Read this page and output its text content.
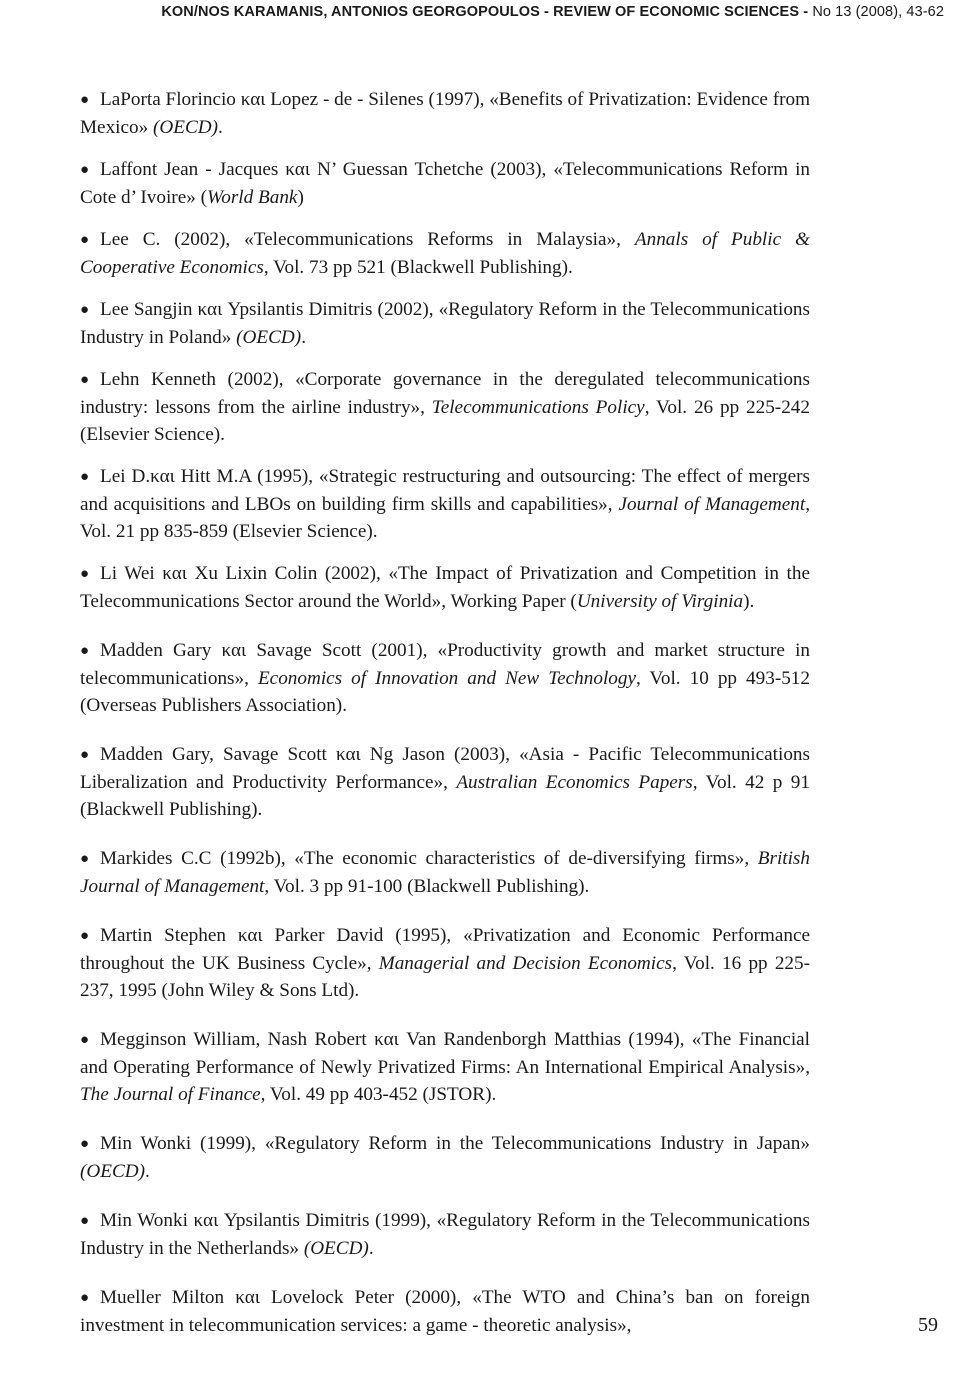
KON/NOS KARAMANIS, ANTONIOS GEORGOPOULOS - REVIEW OF ECONOMIC SCIENCES - No 13 (2008), 43-62

● LaPorta Florincio και Lopez - de - Silenes (1997), «Benefits of Privatization: Evidence from Mexico» (OECD).

● Laffont Jean - Jacques και N’ Guessan Tchetche (2003), «Telecommunications Reform in Cote d’ Ivoire» (World Bank)

● Lee C. (2002), «Telecommunications Reforms in Malaysia», Annals of Public & Cooperative Economics, Vol. 73 pp 521 (Blackwell Publishing).

● Lee Sangjin και Ypsilantis Dimitris (2002), «Regulatory Reform in the Telecommunications Industry in Poland» (OECD).

● Lehn Kenneth (2002), «Corporate governance in the deregulated telecommunications industry: lessons from the airline industry», Telecommunications Policy, Vol. 26 pp 225-242 (Elsevier Science).

● Lei D.και Hitt M.A (1995), «Strategic restructuring and outsourcing: The effect of mergers and acquisitions and LBOs on building firm skills and capabilities», Journal of Management, Vol. 21 pp 835-859 (Elsevier Science).

● Li Wei και Xu Lixin Colin (2002), «The Impact of Privatization and Competition in the Telecommunications Sector around the World», Working Paper (University of Virginia).

● Madden Gary και Savage Scott (2001), «Productivity growth and market structure in telecommunications», Economics of Innovation and New Technology, Vol. 10 pp 493-512 (Overseas Publishers Association).

● Madden Gary, Savage Scott και Ng Jason (2003), «Asia - Pacific Telecommunications Liberalization and Productivity Performance», Australian Economics Papers, Vol. 42 p 91 (Blackwell Publishing).

● Markides C.C (1992b), «The economic characteristics of de-diversifying firms», British Journal of Management, Vol. 3 pp 91-100 (Blackwell Publishing).

● Martin Stephen και Parker David (1995), «Privatization and Economic Performance throughout the UK Business Cycle», Managerial and Decision Economics, Vol. 16 pp 225-237, 1995 (John Wiley & Sons Ltd).

● Megginson William, Nash Robert και Van Randenborgh Matthias (1994), «The Financial and Operating Performance of Newly Privatized Firms: An International Empirical Analysis», The Journal of Finance, Vol. 49 pp 403-452 (JSTOR).

● Min Wonki (1999), «Regulatory Reform in the Telecommunications Industry in Japan» (OECD).

● Min Wonki και Ypsilantis Dimitris (1999), «Regulatory Reform in the Telecommunications Industry in the Netherlands» (OECD).

● Mueller Milton και Lovelock Peter (2000), «The WTO and China’s ban on foreign investment in telecommunication services: a game - theoretic analysis»,	59
